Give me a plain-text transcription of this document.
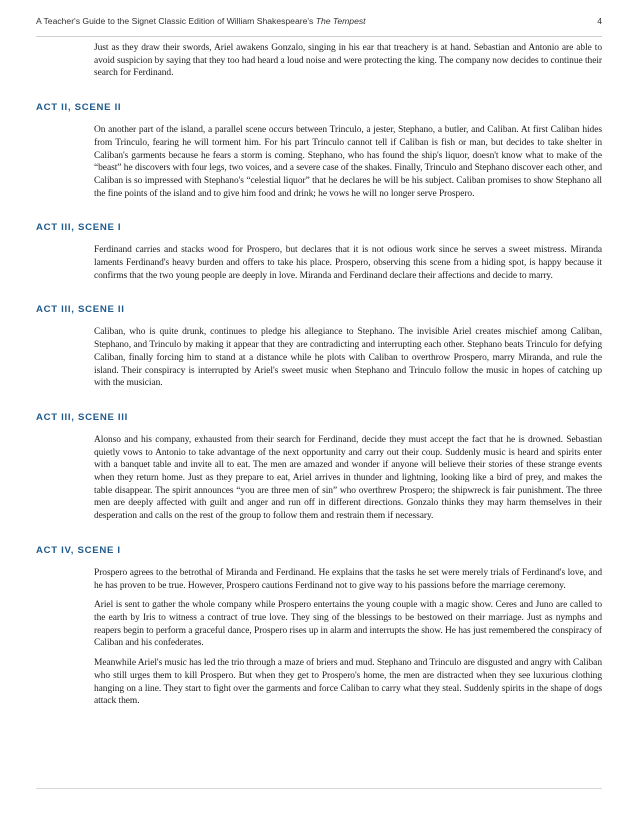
A Teacher's Guide to the Signet Classic Edition of William Shakespeare's The Tempest	4

Just as they draw their swords, Ariel awakens Gonzalo, singing in his ear that treachery is at hand. Sebastian and Antonio are able to avoid suspicion by saying that they too had heard a loud noise and were protecting the king. The company now decides to continue their search for Ferdinand.

ACT II, SCENE II

On another part of the island, a parallel scene occurs between Trinculo, a jester, Stephano, a butler, and Caliban. At first Caliban hides from Trinculo, fearing he will torment him. For his part Trinculo cannot tell if Caliban is fish or man, but decides to take shelter in Caliban's garments because he fears a storm is coming. Stephano, who has found the ship's liquor, doesn't know what to make of the “beast” he discovers with four legs, two voices, and a severe case of the shakes. Finally, Trinculo and Stephano discover each other, and Caliban is so impressed with Stephano's “celestial liquor” that he declares he will be his subject. Caliban promises to show Stephano all the fine points of the island and to give him food and drink; he vows he will no longer serve Prospero.

ACT III, SCENE I

Ferdinand carries and stacks wood for Prospero, but declares that it is not odious work since he serves a sweet mistress. Miranda laments Ferdinand's heavy burden and offers to take his place. Prospero, observing this scene from a hiding spot, is happy because it confirms that the two young people are deeply in love. Miranda and Ferdinand declare their affections and decide to marry.

ACT III, SCENE II

Caliban, who is quite drunk, continues to pledge his allegiance to Stephano. The invisible Ariel creates mischief among Caliban, Stephano, and Trinculo by making it appear that they are contradicting and interrupting each other. Stephano beats Trinculo for defying Caliban, finally forcing him to stand at a distance while he plots with Caliban to overthrow Prospero, marry Miranda, and rule the island. Their conspiracy is interrupted by Ariel's sweet music when Stephano and Trinculo follow the music in hopes of catching up with the musician.

ACT III, SCENE III

Alonso and his company, exhausted from their search for Ferdinand, decide they must accept the fact that he is drowned. Sebastian quietly vows to Antonio to take advantage of the next opportunity and carry out their coup. Suddenly music is heard and spirits enter with a banquet table and invite all to eat. The men are amazed and wonder if anyone will believe their stories of these strange events when they return home. Just as they prepare to eat, Ariel arrives in thunder and lightning, looking like a bird of prey, and makes the table disappear. The spirit announces “you are three men of sin” who overthrew Prospero; the shipwreck is fair punishment. The three men are deeply affected with guilt and anger and run off in different directions. Gonzalo thinks they may harm themselves in their desperation and calls on the rest of the group to follow them and restrain them if necessary.

ACT IV, SCENE I

Prospero agrees to the betrothal of Miranda and Ferdinand. He explains that the tasks he set were merely trials of Ferdinand's love, and he has proven to be true. However, Prospero cautions Ferdinand not to give way to his passions before the marriage ceremony.

Ariel is sent to gather the whole company while Prospero entertains the young couple with a magic show. Ceres and Juno are called to the earth by Iris to witness a contract of true love. They sing of the blessings to be bestowed on their marriage. Just as nymphs and reapers begin to perform a graceful dance, Prospero rises up in alarm and interrupts the show. He has just remembered the conspiracy of Caliban and his confederates.

Meanwhile Ariel's music has led the trio through a maze of briers and mud. Stephano and Trinculo are disgusted and angry with Caliban who still urges them to kill Prospero. But when they get to Prospero's home, the men are distracted when they see luxurious clothing hanging on a line. They start to fight over the garments and force Caliban to carry what they steal. Suddenly spirits in the shape of dogs attack them.
